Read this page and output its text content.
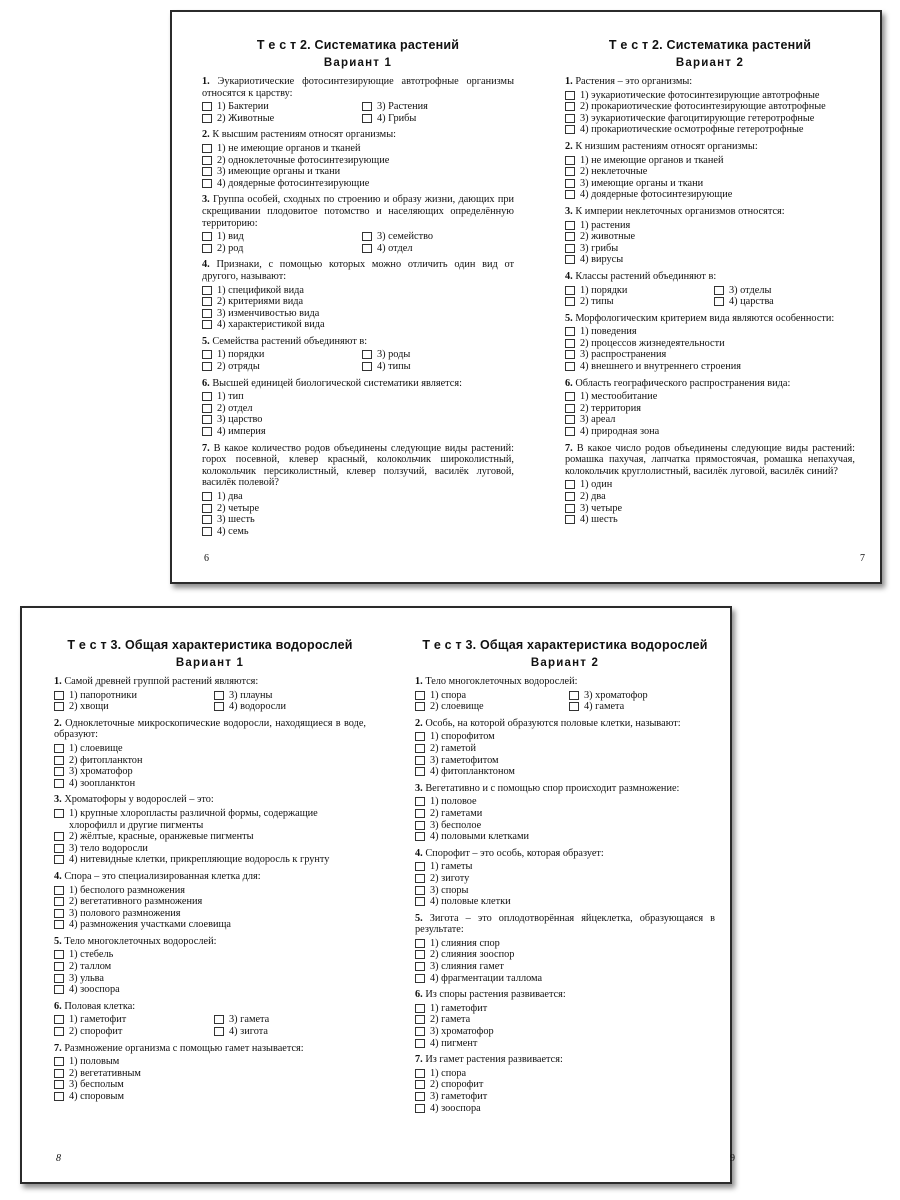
Т е с т 2. Систематика растений
Вариант 1
1. Эукариотические фотосинтезирующие автотрофные организмы относятся к царству:
1) Бактерии	3) Растения
2) Животные	4) Грибы
2. К высшим растениям относят организмы:
1) не имеющие органов и тканей
2) одноклеточные фотосинтезирующие
3) имеющие органы и ткани
4) доядерные фотосинтезирующие
3. Группа особей, сходных по строению и образу жизни, дающих при скрещивании плодовитое потомство и населяющих определённую территорию:
1) вид	3) семейство
2) род	4) отдел
4. Признаки, с помощью которых можно отличить один вид от другого, называют:
1) спецификой вида
2) критериями вида
3) изменчивостью вида
4) характеристикой вида
5. Семейства растений объединяют в:
1) порядки	3) роды
2) отряды	4) типы
6. Высшей единицей биологической систематики является:
1) тип
2) отдел
3) царство
4) империя
7. В какое количество родов объединены следующие виды растений: горох посевной, клевер красный, колокольчик широколистный, колокольчик персиколистный, клевер ползучий, василёк луговой, василёк полевой?
1) два
2) четыре
3) шесть
4) семь
6
Т е с т 2. Систематика растений
Вариант 2
1. Растения – это организмы:
1) эукариотические фотосинтезирующие автотрофные
2) прокариотические фотосинтезирующие автотрофные
3) эукариотические фагоцитирующие гетеротрофные
4) прокариотические осмотрофные гетеротрофные
2. К низшим растениям относят организмы:
1) не имеющие органов и тканей
2) неклеточные
3) имеющие органы и ткани
4) доядерные фотосинтезирующие
3. К империи неклеточных организмов относятся:
1) растения
2) животные
3) грибы
4) вирусы
4. Классы растений объединяют в:
1) порядки	3) отделы
2) типы	4) царства
5. Морфологическим критерием вида являются особенности:
1) поведения
2) процессов жизнедеятельности
3) распространения
4) внешнего и внутреннего строения
6. Область географического распространения вида:
1) местообитание
2) территория
3) ареал
4) природная зона
7. В какое число родов объединены следующие виды растений: ромашка пахучая, лапчатка прямостоячая, ромашка непахучая, колокольчик круглолистный, василёк луговой, василёк синий?
1) один
2) два
3) четыре
4) шесть
7
Т е с т 3. Общая характеристика водорослей
Вариант 1
1. Самой древней группой растений являются:
1) папоротники	3) плауны
2) хвощи	4) водоросли
2. Одноклеточные микроскопические водоросли, находящиеся в воде, образуют:
1) слоевище
2) фитопланктон
3) хроматофор
4) зоопланктон
3. Хроматофоры у водорослей – это:
1) крупные хлоропласты различной формы, содержащие хлорофилл и другие пигменты
2) жёлтые, красные, оранжевые пигменты
3) тело водоросли
4) нитевидные клетки, прикрепляющие водоросль к грунту
4. Спора – это специализированная клетка для:
1) бесполого размножения
2) вегетативного размножения
3) полового размножения
4) размножения участками слоевища
5. Тело многоклеточных водорослей:
1) стебель
2) таллом
3) ульва
4) зооспора
6. Половая клетка:
1) гаметофит	3) гамета
2) спорофит	4) зигота
7. Размножение организма с помощью гамет называется:
1) половым
2) вегетативным
3) бесполым
4) споровым
8
Т е с т 3. Общая характеристика водорослей
Вариант 2
1. Тело многоклеточных водорослей:
1) спора	3) хроматофор
2) слоевище	4) гамета
2. Особь, на которой образуются половые клетки, называют:
1) спорофитом
2) гаметой
3) гаметофитом
4) фитопланктоном
3. Вегетативно и с помощью спор происходит размножение:
1) половое
2) гаметами
3) бесполое
4) половыми клетками
4. Спорофит – это особь, которая образует:
1) гаметы
2) зиготу
3) споры
4) половые клетки
5. Зигота – это оплодотворённая яйцеклетка, образующаяся в результате:
1) слияния спор
2) слияния зооспор
3) слияния гамет
4) фрагментации таллома
6. Из споры растения развивается:
1) гаметофит
2) гамета
3) хроматофор
4) пигмент
7. Из гамет растения развивается:
1) спора
2) спорофит
3) гаметофит
4) зооспора
9
